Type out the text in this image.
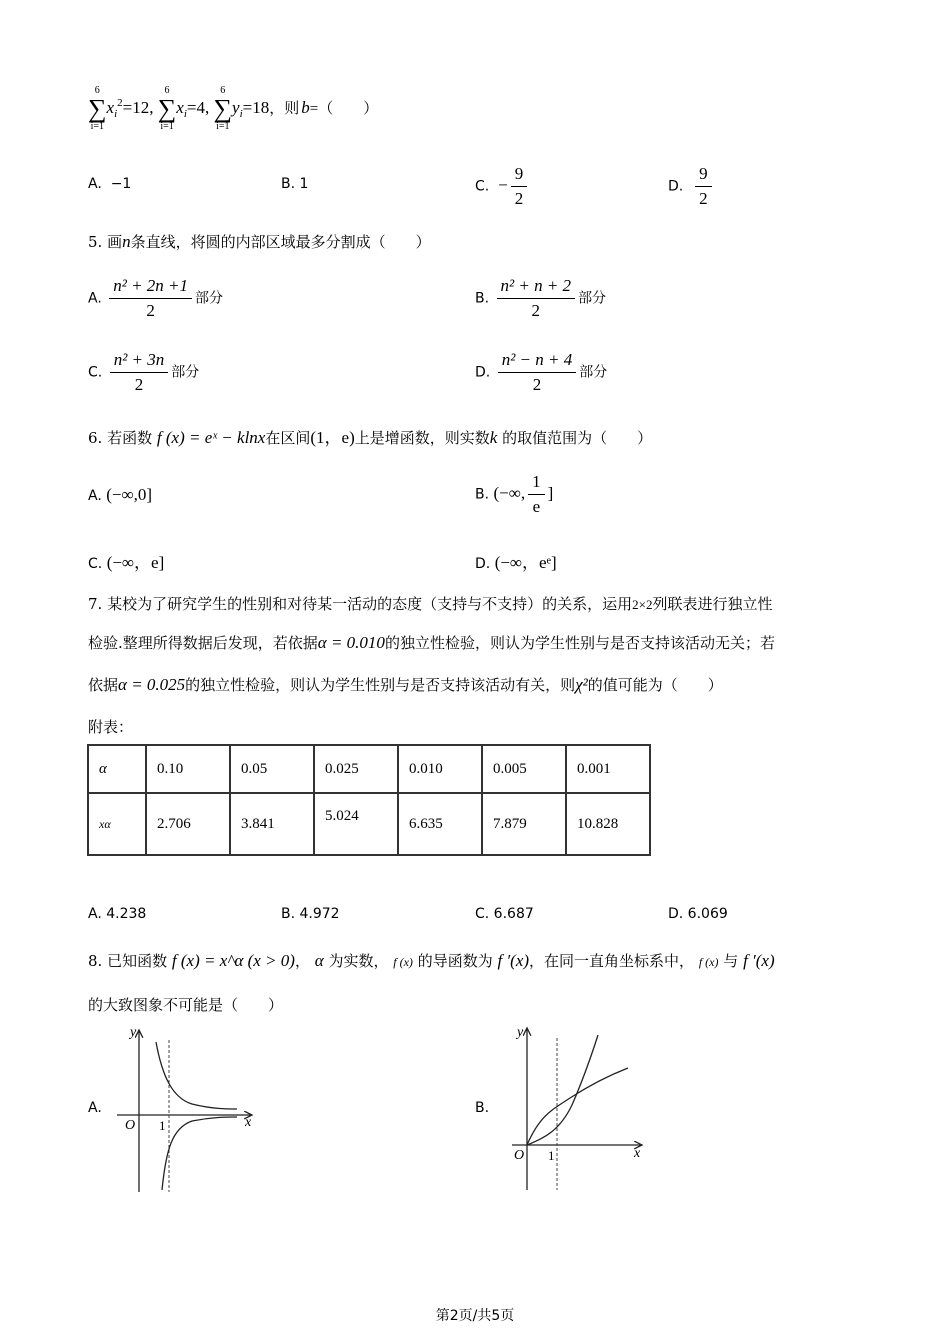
6
∑
i=1
$x_i^2=12$,
6
∑
i=1
$x_i=4$,
6
∑
i=1
$y_i=18$，则 b=（　　）
A. −1	B. 1	C. − $\frac{9}{2}$	D. $\frac{9}{2}$
5. 画n条直线，将圆的内部区域最多分割成（　　）
A. $\frac{\text{n² + 2n +1}}{2}$ 部分	B. $\frac{\text{n² + n + 2}}{2}$ 部分
C. $\frac{\text{n² + 3n}}{2}$ 部分	D. $\frac{\text{n² − n + 4}}{2}$ 部分
6. 若函数 f (x) = eˣ − klnx在区间(1，e)上是增函数，则实数k 的取值范围为（　　）
A. (−∞,0]	B. (−∞, $\frac{1}{e}$ ]
C. (−∞，e]	D. (−∞，eᵉ]
7. 某校为了研究学生的性别和对待某一活动的态度（支持与不支持）的关系，运用2×2列联表进行独立性
检验.整理所得数据后发现，若依据α = 0.010的独立性检验，则认为学生性别与是否支持该活动无关；若
依据α = 0.025的独立性检验，则认为学生性别与是否支持该活动有关，则χ²的值可能为（　　）
附表：
α	0.10	0.05	0.025	0.010	0.005	0.001
xα	2.706	3.841	5.024	6.635	7.879	10.828
A. 4.238	B. 4.972	C. 6.687	D. 6.069
8. 已知函数 f (x) = x^α (x > 0)， α 为实数， f (x) 的导函数为 f ′(x)，在同一直角坐标系中， f (x) 与 f ′(x)
的大致图象不可能是（　　）
A.
y
x
O 1
B.
y
x
O 1
第2页/共5页
